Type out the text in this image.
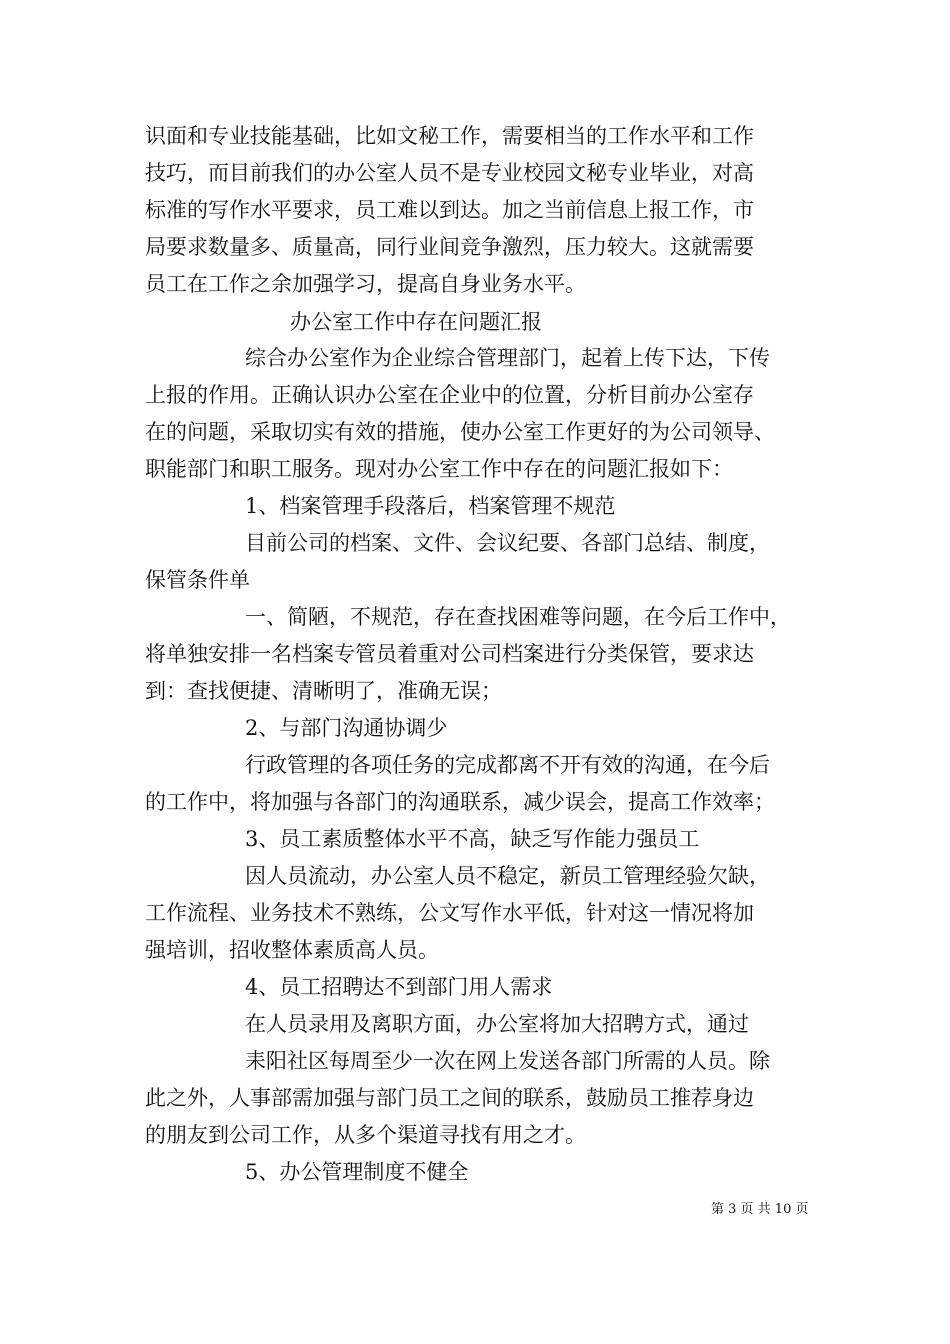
识面和专业技能基础，比如文秘工作，需要相当的工作水平和工作
技巧，而目前我们的办公室人员不是专业校园文秘专业毕业，对高
标准的写作水平要求，员工难以到达。加之当前信息上报工作，市
局要求数量多、质量高，同行业间竞争激烈，压力较大。这就需要
员工在工作之余加强学习，提高自身业务水平。
办公室工作中存在问题汇报
综合办公室作为企业综合管理部门，起着上传下达，下传
上报的作用。正确认识办公室在企业中的位置，分析目前办公室存
在的问题，采取切实有效的措施，使办公室工作更好的为公司领导、
职能部门和职工服务。现对办公室工作中存在的问题汇报如下：
1、档案管理手段落后，档案管理不规范
目前公司的档案、文件、会议纪要、各部门总结、制度，
保管条件单
一、简陋，不规范，存在查找困难等问题，在今后工作中，
将单独安排一名档案专管员着重对公司档案进行分类保管，要求达
到：查找便捷、清晰明了，准确无误；
2、与部门沟通协调少
行政管理的各项任务的完成都离不开有效的沟通，在今后
的工作中，将加强与各部门的沟通联系，减少误会，提高工作效率；
3、员工素质整体水平不高，缺乏写作能力强员工
因人员流动，办公室人员不稳定，新员工管理经验欠缺，
工作流程、业务技术不熟练，公文写作水平低，针对这一情况将加
强培训，招收整体素质高人员。
4、员工招聘达不到部门用人需求
在人员录用及离职方面，办公室将加大招聘方式，通过
耒阳社区每周至少一次在网上发送各部门所需的人员。除
此之外，人事部需加强与部门员工之间的联系，鼓励员工推荐身边
的朋友到公司工作，从多个渠道寻找有用之才。
5、办公管理制度不健全
第 3 页 共 10 页
